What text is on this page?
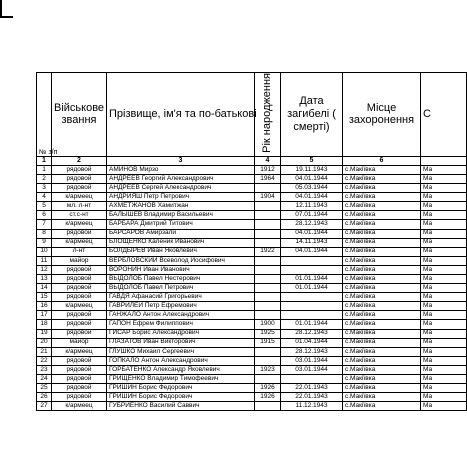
№ з/п	Військове звання	Прізвище, ім'я та по-батькові	Рік народження	Дата загибелі ( смерті)	Місце захоронення	С
1	2	3	4	5	6	
1	рядовой	АМИНОВ Мирзо	1912	19.11.1943	с.Макіївка	Ма
2	рядовой	АНДРЕЕВ Георгий Александрович	1964	04.01.1944	с.Макіївка	Ма
3	рядовой	АНДРЕЕВ Сергей Александрович		05.03.1944	с.Макіївка	Ма
4	к/армеец	АНДРИЯШ Петр Петрович	1904	04.01.1944	с.Макіївка	Ма
5	мл. л-нт	АХМЕТЖАНОВ Хамитжан		12.11.1943	с.Макіївка	Ма
6	ст.с-нт	БАЛЫШЕВ Владимир Васильевич		07.01.1944	с.Макіївка	Ма
7	к/армеец	БАРБАРА Дмитрий Титович		28.12.1943	с.Макіївка	Ма
8	рядовой	БАРСАРОВ Амирзали		04.01.1944	с.Макіївка	Ма
9	к/армеец	БЛОЩЕНКО Каленик Иванович		14.11.1943	с.Макіївка	Ма
10	л-нт	БОЛДЫРЕВ Иван Яковлевич	1922	04.01.1944	с.Макіївка	Ма
11	майор	ВЕРБЛОВСКИЙ Всеволод Иосифович			с.Макіївка	Ма
12	рядовой	ВОРОНИН Иван Иванович			с.Макіївка	Ма
13	рядовой	ВЫДОЛОБ Павел Нестерович		01.01.1944	с.Макіївка	Ма
14	рядовой	ВЫДОЛОБ Павел Петрович		01.01.1944	с.Макіївка	Ма
15	рядовой	ГАВДЯ Афанасий Григорьевич			с.Макіївка	Ма
16	к/армеец	ГАВРИЛЕЙ Петр Ефремович			с.Макіївка	Ма
17	рядовой	ГАНЖАЛО Антон Александрович			с.Макіївка	Ма
18	рядовой	ГАПОН Ефрем Филиппович	1900	01.01.1944	с.Макіївка	Ма
19	рядовой	ГИСАР Борис Александрович	1925	28.12.1943	с.Макіївка	Ма
20	майор	ГЛАЗАТОВ Иван Викторович	1915	01.04.1944	с.Макіївка	Ма
21	к/армеец	ГЛУШКО Михаил Сергеевич		28.12.1943	с.Макіївка	Ма
22	рядовой	ГОПКАЛО Антон Александрович		03.01.1944	с.Макіївка	Ма
23	рядовой	ГОРБАТЕНКО Александр Яковлевич	1923	03.01.1944	с.Макіївка	Ма
24	рядовой	ГРИЩЕНКО Владимир Тимофеевич			с.Макіївка	Ма
25	рядовой	ГРИШИН Борис Федорович	1926	22.01.1943	с.Макіївка	Ма
26	рядовой	ГРИШИН Борис Федорович	1926	22.01.1943	с.Макіївка	Ма
27	к/армеец	ГУБРИЕНКО Василий Саввич		11.12.1943	с.Макіївка	Ма
